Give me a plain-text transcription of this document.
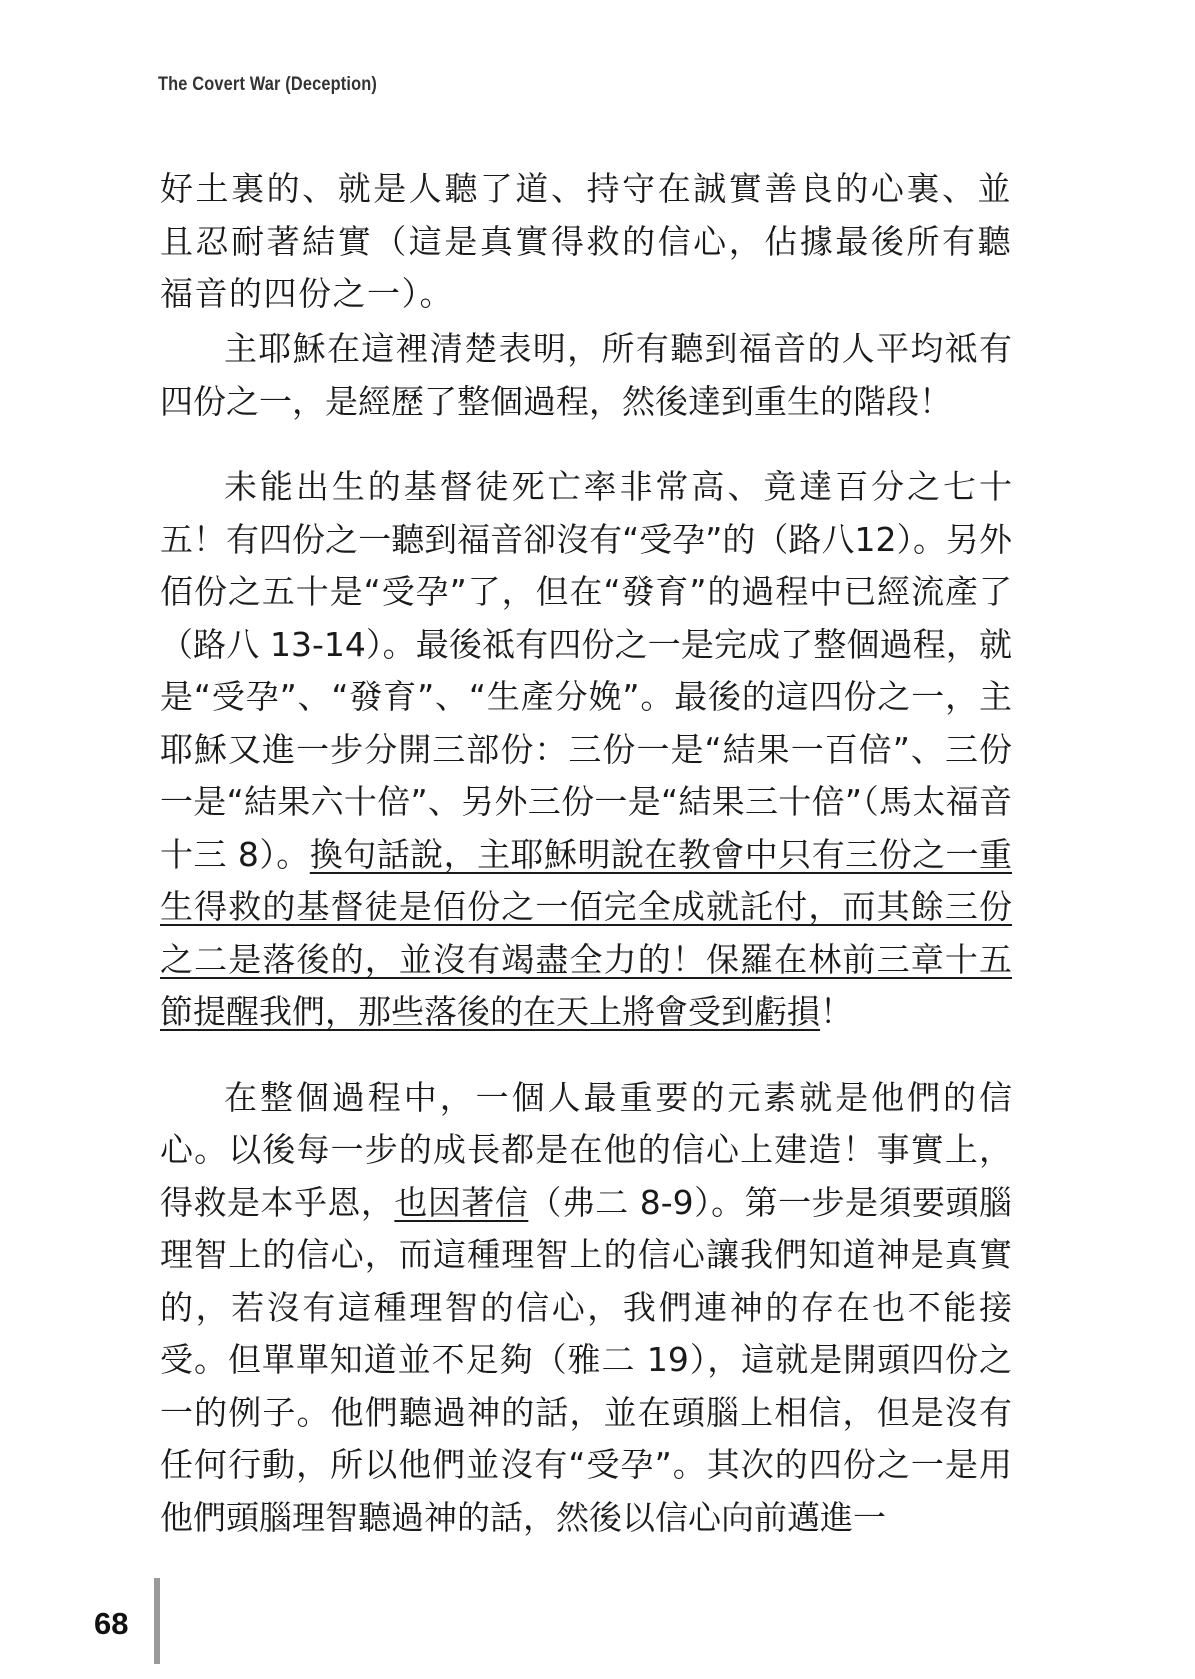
The Covert War (Deception)

好土裏的、就是人聽了道、持守在誠實善良的心裏、並且忍耐著結實（這是真實得救的信心，佔據最後所有聽福音的四份之一）。

主耶穌在這裡清楚表明，所有聽到福音的人平均祗有四份之一，是經歷了整個過程，然後達到重生的階段！

未能出生的基督徒死亡率非常高、竟達百分之七十五！有四份之一聽到福音卻沒有“受孕”的（路八12）。另外佰份之五十是“受孕”了，但在“發育”的過程中已經流產了（路八 13-14）。最後祗有四份之一是完成了整個過程，就是“受孕”、“發育”、“生產分娩”。最後的這四份之一，主耶穌又進一步分開三部份：三份一是“結果一百倍”、三份一是“結果六十倍”、另外三份一是“結果三十倍”（馬太福音十三 8）。換句話說，主耶穌明說在教會中只有三份之一重生得救的基督徒是佰份之一佰完全成就託付，而其餘三份之二是落後的，並沒有竭盡全力的！保羅在林前三章十五節提醒我們，那些落後的在天上將會受到虧損！

在整個過程中，一個人最重要的元素就是他們的信心。以後每一步的成長都是在他的信心上建造！事實上，得救是本乎恩，也因著信（弗二 8-9）。第一步是須要頭腦理智上的信心，而這種理智上的信心讓我們知道神是真實的，若沒有這種理智的信心，我們連神的存在也不能接受。但單單知道並不足夠（雅二 19），這就是開頭四份之一的例子。他們聽過神的話，並在頭腦上相信，但是沒有任何行動，所以他們並沒有“受孕”。其次的四份之一是用他們頭腦理智聽過神的話，然後以信心向前邁進一

68
